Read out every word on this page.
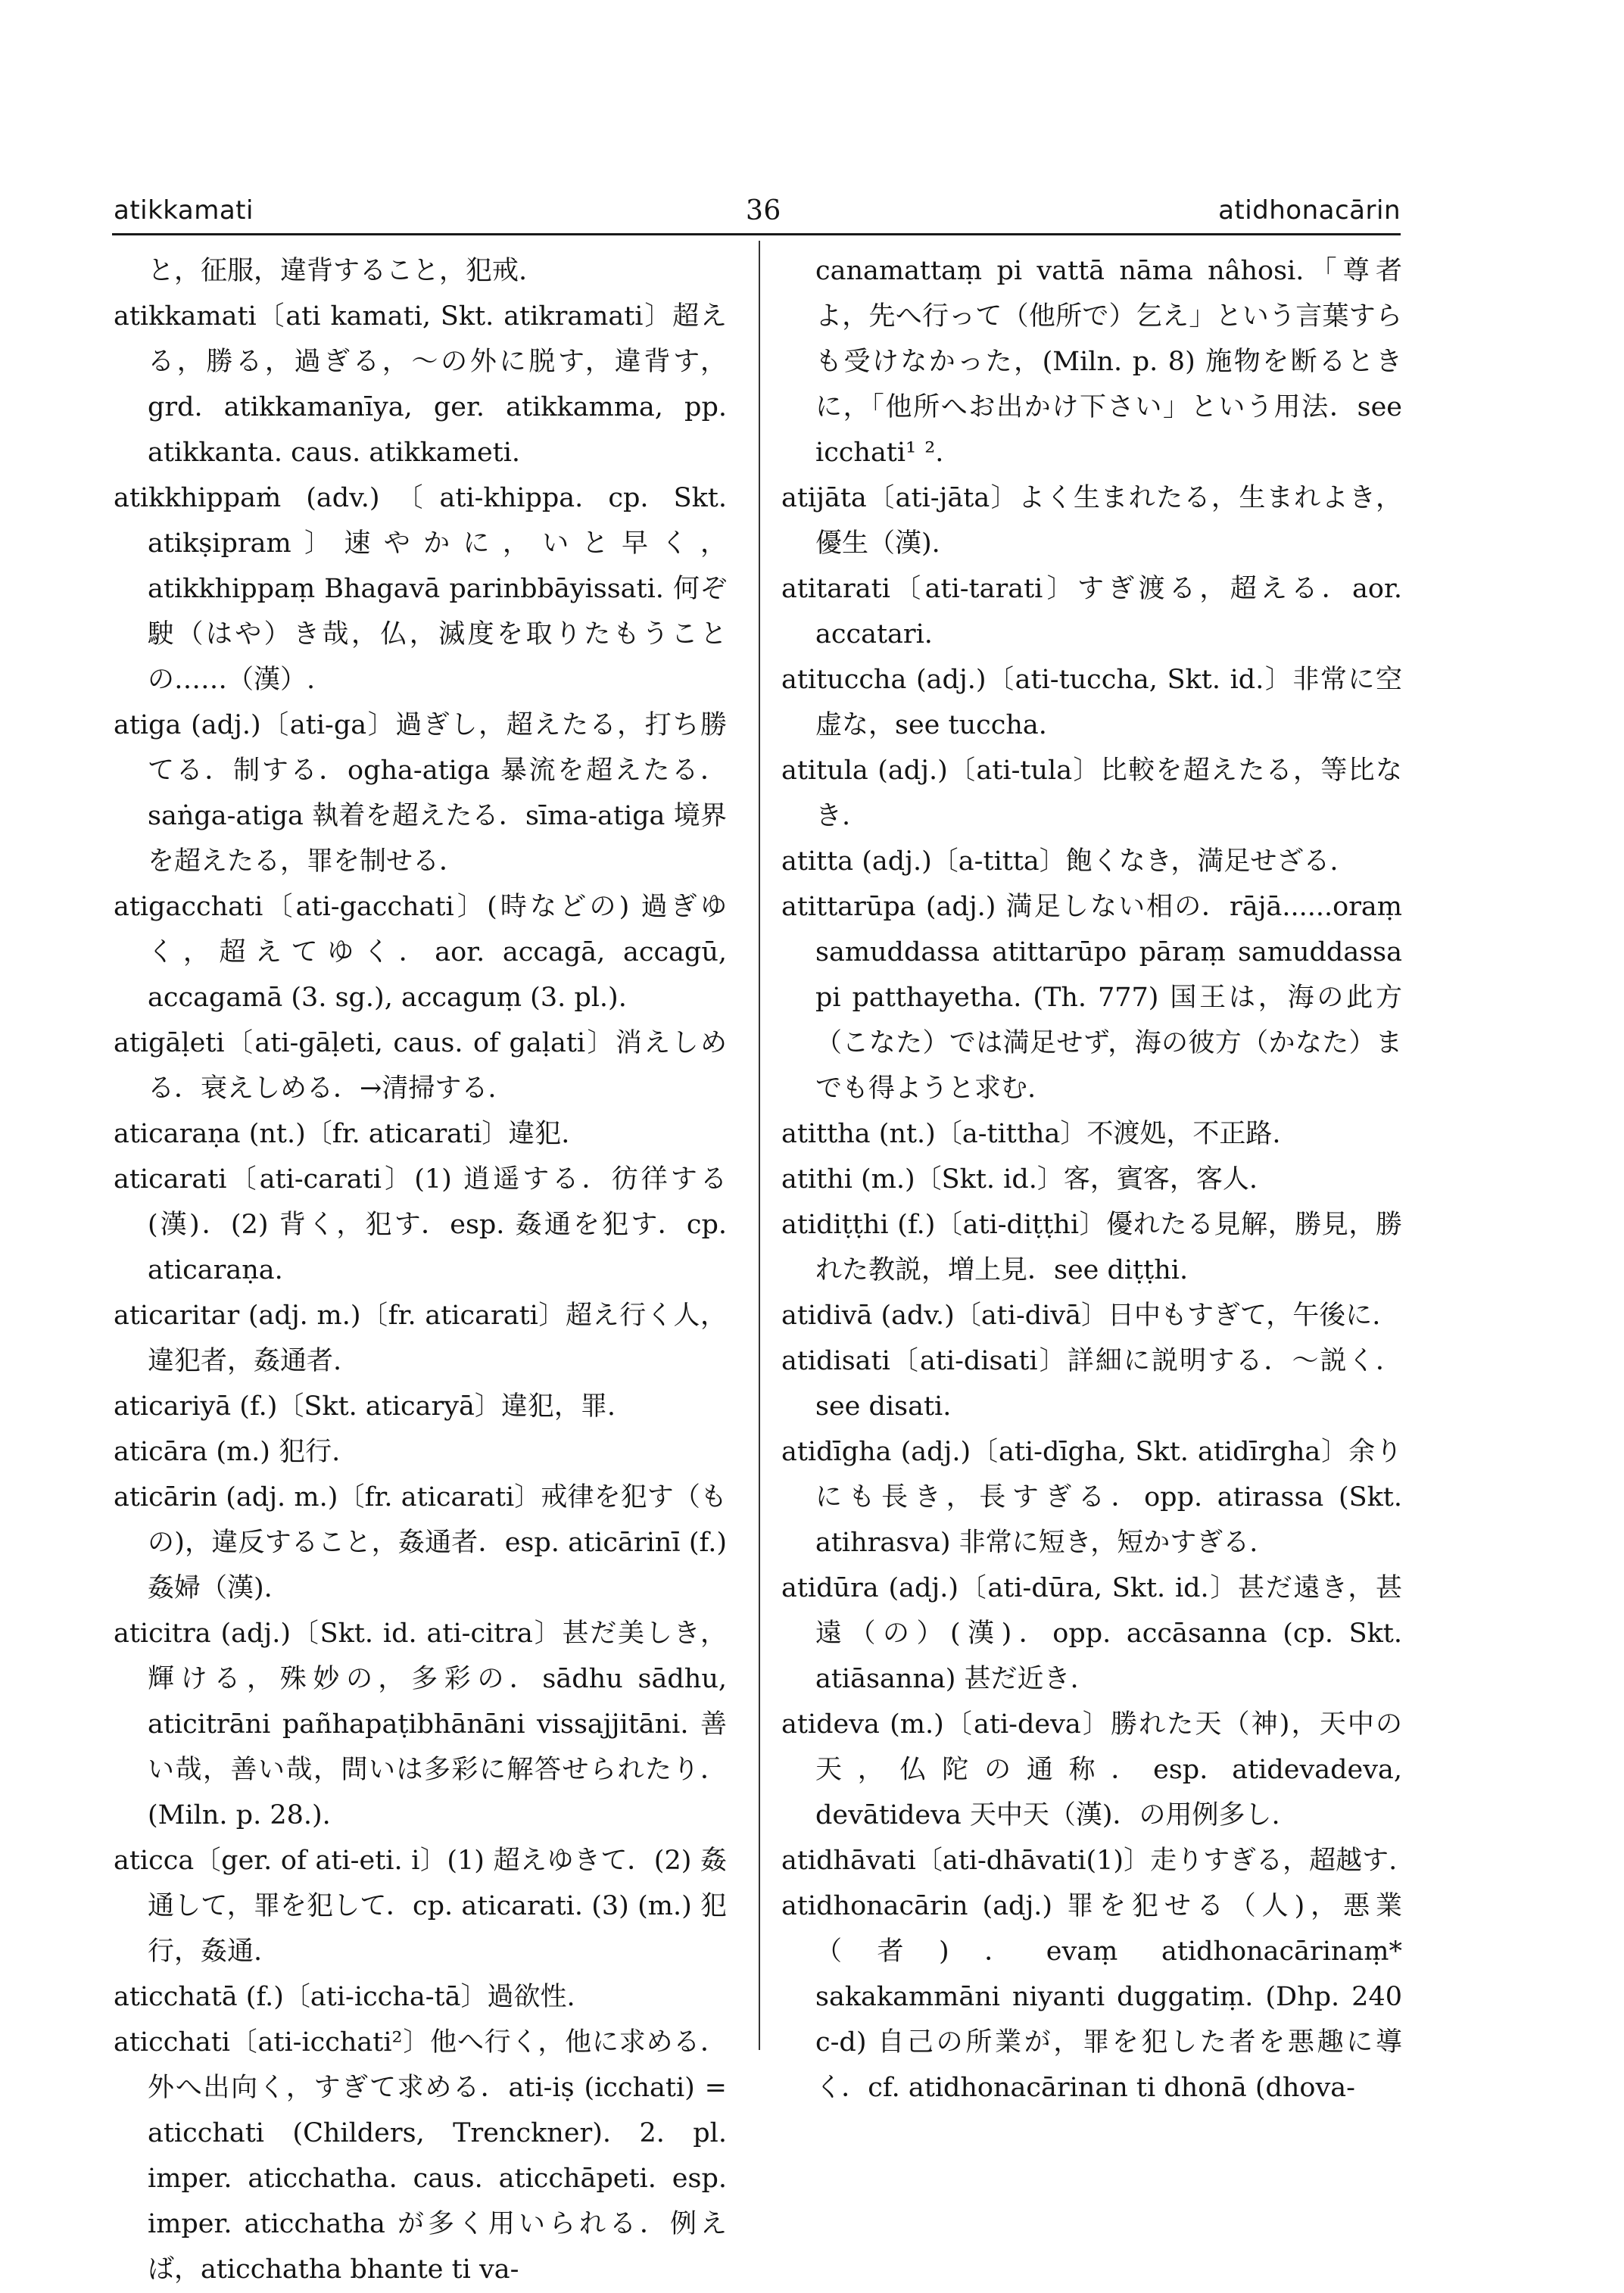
atikkamati	36	atidhonacārin

と，征服，違背すること，犯戒.

atikkamati〔ati kamati, Skt. atikramati〕超える，勝る，過ぎる，～の外に脱す，違背す，grd. atikkamanīya, ger. atikkamma, pp. atikkanta. caus. atikkameti.

atikkhippaṁ (adv.)〔ati-khippa. cp. Skt. atikṣipram〕速やかに，いと早く，atikkhippaṃ Bhagavā parinbbāyissati. 何ぞ駛（はや）き哉，仏，滅度を取りたもうことの……（漢）.

atiga (adj.)〔ati-ga〕過ぎし，超えたる，打ち勝てる．制する．ogha-atiga 暴流を超えたる．saṅga-atiga 執着を超えたる．sīma-atiga 境界を超えたる，罪を制せる．

atigacchati〔ati-gacchati〕(時などの) 過ぎゆく，超えてゆく．aor. accagā, accagū, accagamā (3. sg.), accaguṃ (3. pl.).

atigāḷeti〔ati-gāḷeti, caus. of gaḷati〕消えしめる．衰えしめる．→清掃する.

aticaraṇa (nt.)〔fr. aticarati〕違犯.

aticarati〔ati-carati〕(1) 逍遥する．彷徉する (漢)．(2) 背く，犯す．esp. 姦通を犯す．cp. aticaraṇa.

aticaritar (adj. m.)〔fr. aticarati〕超え行く人，違犯者，姦通者.

aticariyā (f.)〔Skt. aticaryā〕違犯，罪.

aticāra (m.) 犯行.

aticārin (adj. m.)〔fr. aticarati〕戒律を犯す（もの)，違反すること，姦通者．esp. aticārinī (f.) 姦婦（漢).

aticitra (adj.)〔Skt. id. ati-citra〕甚だ美しき，輝ける，殊妙の，多彩の．sādhu sādhu, aticitrāni pañhapaṭibhānāni vissajjitāni. 善い哉，善い哉，問いは多彩に解答せられたり．(Miln. p. 28.).

aticca〔ger. of ati-eti. i〕(1) 超えゆきて．(2) 姦通して，罪を犯して．cp. aticarati. (3) (m.) 犯行，姦通.

aticchatā (f.)〔ati-iccha-tā〕過欲性.

aticchati〔ati-icchati²〕他へ行く，他に求める．外へ出向く，すぎて求める．ati-iṣ (icchati) = aticchati (Childers, Trenckner). 2. pl. imper. aticchatha. caus. aticchāpeti. esp. imper. aticchatha が多く用いられる．例えば，aticchatha bhante ti va-

canamattaṃ pi vattā nāma nâhosi.「尊者よ，先へ行って（他所で）乞え」という言葉すらも受けなかった，(Miln. p. 8) 施物を断るときに，「他所へお出かけ下さい」という用法．see icchati¹ ².

atijāta〔ati-jāta〕よく生まれたる，生まれよき，優生（漢).

atitarati〔ati-tarati〕すぎ渡る，超える．aor. accatari.

atituccha (adj.)〔ati-tuccha, Skt. id.〕非常に空虚な，see tuccha.

atitula (adj.)〔ati-tula〕比較を超えたる，等比なき.

atitta (adj.)〔a-titta〕飽くなき，満足せざる.

atittarūpa (adj.) 満足しない相の．rājā......oraṃ samuddassa atittarūpo pāraṃ samuddassa pi patthayetha. (Th. 777) 国王は，海の此方（こなた）では満足せず，海の彼方（かなた）までも得ようと求む.

atittha (nt.)〔a-tittha〕不渡処，不正路.

atithi (m.)〔Skt. id.〕客，賓客，客人.

atidiṭṭhi (f.)〔ati-diṭṭhi〕優れたる見解，勝見，勝れた教説，増上見．see diṭṭhi.

atidivā (adv.)〔ati-divā〕日中もすぎて，午後に.

atidisati〔ati-disati〕詳細に説明する．～説く．see disati.

atidīgha (adj.)〔ati-dīgha, Skt. atidīrgha〕余りにも長き，長すぎる．opp. atirassa (Skt. atihrasva) 非常に短き，短かすぎる.

atidūra (adj.)〔ati-dūra, Skt. id.〕甚だ遠き，甚遠（の）(漢)．opp. accāsanna (cp. Skt. atiāsanna) 甚だ近き.

atideva (m.)〔ati-deva〕勝れた天（神)，天中の天，仏陀の通称．esp. atidevadeva, devātideva 天中天（漢)．の用例多し.

atidhāvati〔ati-dhāvati(1)〕走りすぎる，超越す.

atidhonacārin (adj.) 罪を犯せる（人)，悪業（者)．evaṃ atidhonacārinaṃ* sakakammāni niyanti duggatiṃ. (Dhp. 240 c-d) 自己の所業が，罪を犯した者を悪趣に導く．cf. atidhonacārinan ti dhonā (dhova-
